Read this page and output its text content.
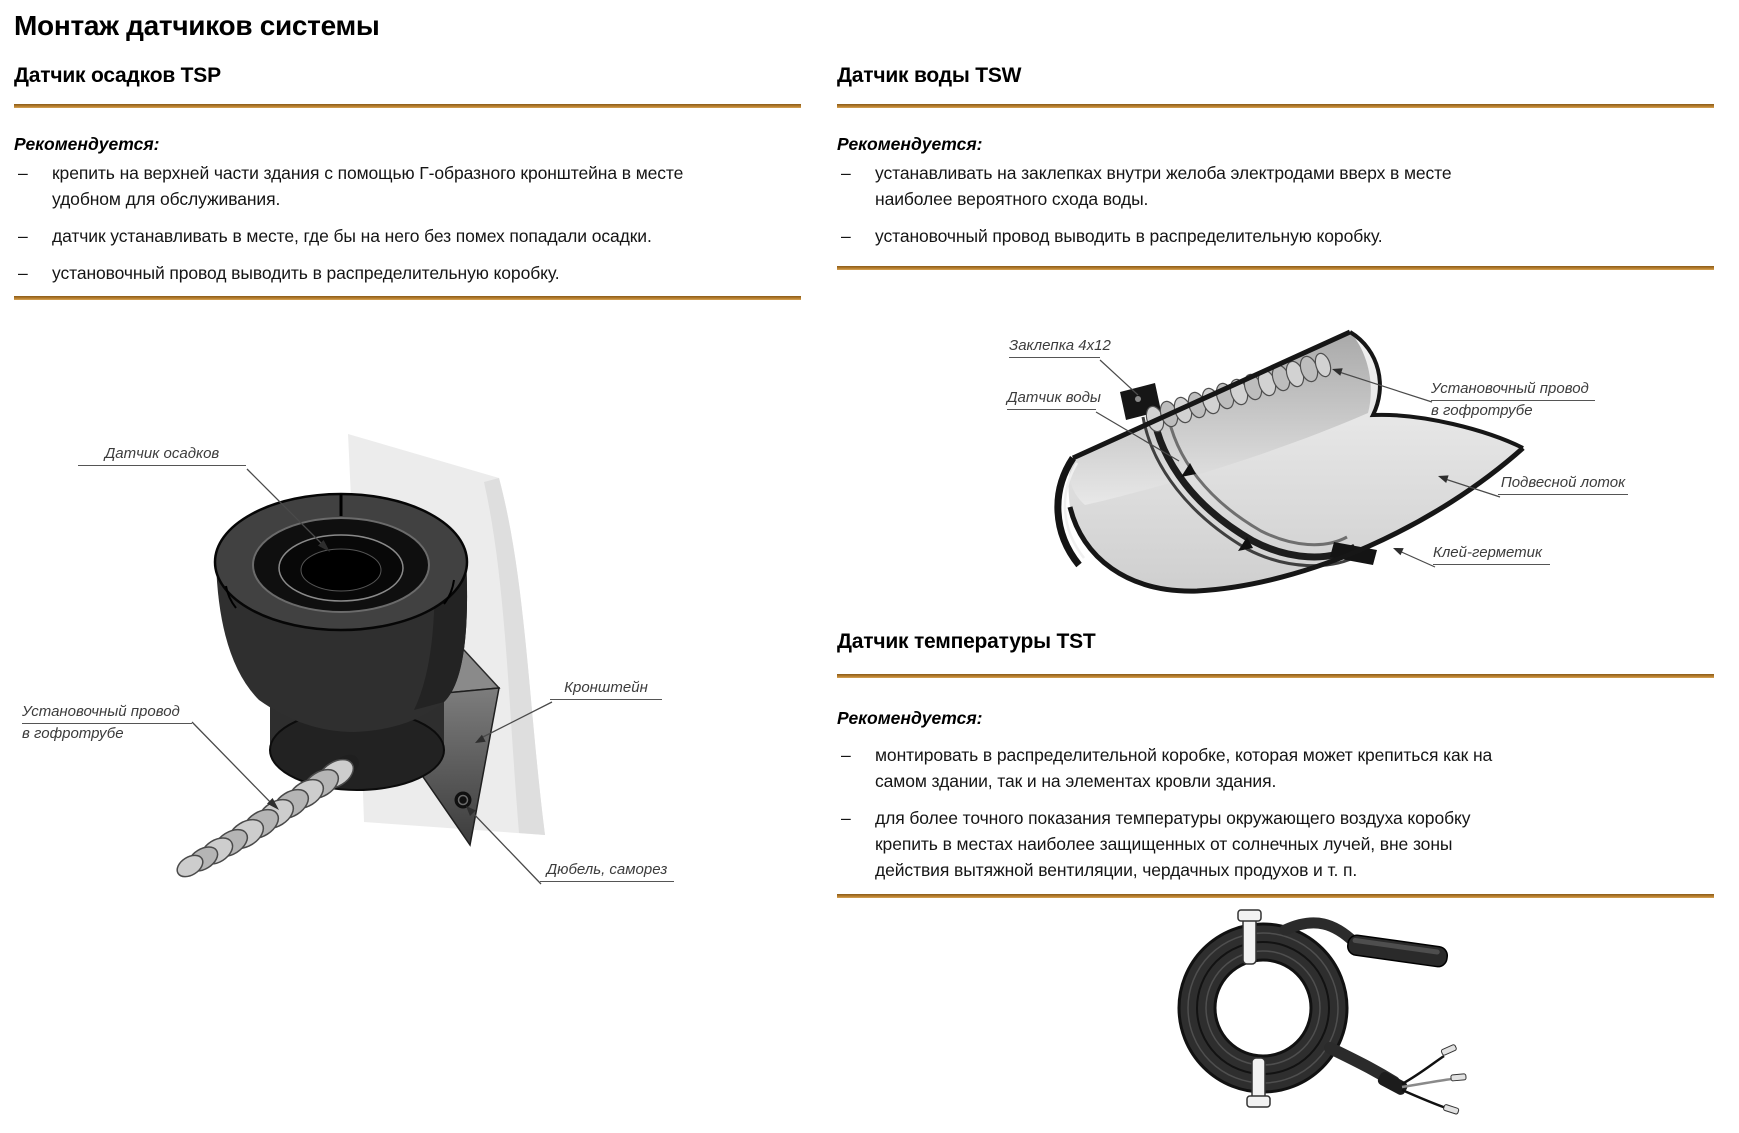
Монтаж датчиков системы
Датчик осадков TSP
Рекомендуется:
–	крепить на верхней части здания с помощью Г-образного кронштейна в месте удобном для обслуживания.
–	датчик устанавливать в месте, где бы на него без помех попадали осадки.
–	установочный провод выводить в распределительную коробку.
Датчик осадков
Кронштейн
Установочный провод
в гофротрубе
Дюбель, саморез
Датчик воды TSW
Рекомендуется:
–	устанавливать на заклепках внутри желоба электродами вверх в месте наиболее вероятного схода воды.
–	установочный провод выводить в распределительную коробку.
Заклепка 4x12
Датчик воды
Установочный провод
в гофротрубе
Подвесной лоток
Клей-герметик
Датчик температуры TST
Рекомендуется:
–	монтировать в распределительной коробке, которая может крепиться как на самом здании, так и на элементах кровли здания.
–	для более точного показания температуры окружающего воздуха коробку крепить в местах наиболее защищенных от солнечных лучей, вне зоны действия вытяжной вентиляции, чердачных продухов и т. п.
